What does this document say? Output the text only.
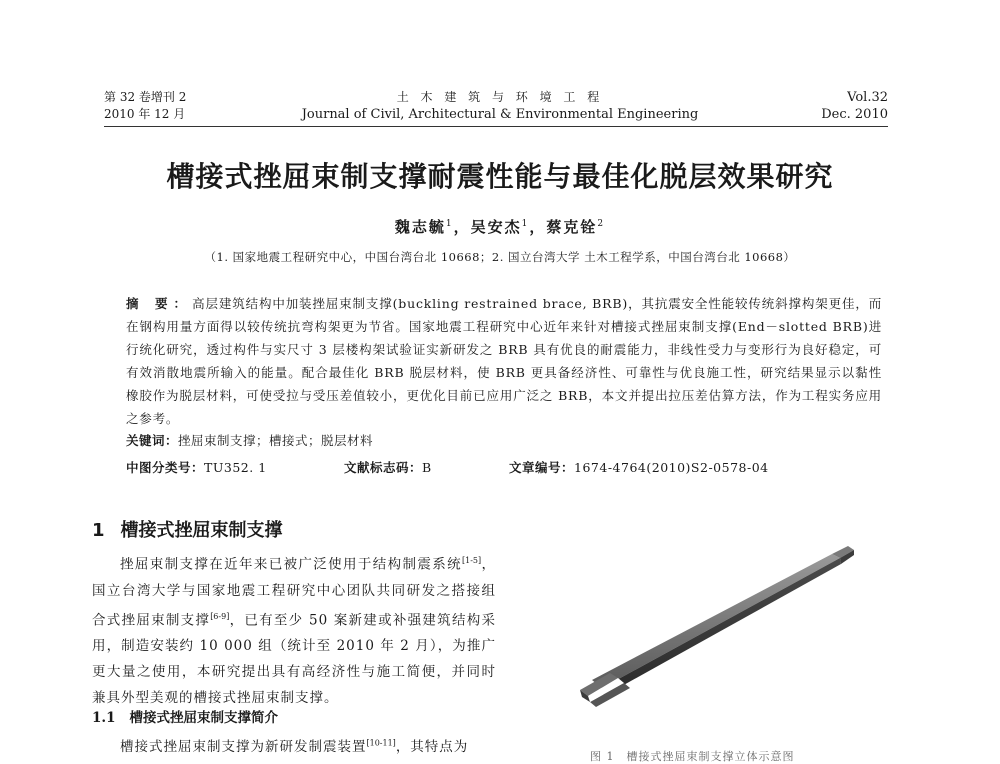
第 32 卷增刊 2
2010 年 12 月
土 木 建 筑 与 环 境 工 程
Journal of Civil, Architectural & Environmental Engineering
Vol.32
Dec. 2010
槽接式挫屈束制支撑耐震性能与最佳化脱层效果研究
魏志毓$^1$，吴安杰$^1$，蔡克铨$^2$
（1. 国家地震工程研究中心，中国台湾台北 10668；2. 国立台湾大学 土木工程学系，中国台湾台北 10668）
摘 要：高层建筑结构中加装挫屈束制支撑(buckling restrained brace, BRB)，其抗震安全性能较传统斜撑构架更佳，而在钢构用量方面得以较传统抗弯构架更为节省。国家地震工程研究中心近年来针对槽接式挫屈束制支撑(End－slotted BRB)进行统化研究，透过构件与实尺寸 3 层楼构架试验证实新研发之 BRB 具有优良的耐震能力，非线性受力与变形行为良好稳定，可有效消散地震所输入的能量。配合最佳化 BRB 脱层材料，使 BRB 更具备经济性、可靠性与优良施工性，研究结果显示以黏性橡胶作为脱层材料，可使受拉与受压差值较小，更优化目前已应用广泛之 BRB，本文并提出拉压差估算方法，作为工程实务应用之参考。
关键词：挫屈束制支撑；槽接式；脱层材料
中图分类号：TU352. 1	文献标志码：B	文章编号：1674-4764(2010)S2-0578-04
1 槽接式挫屈束制支撑
挫屈束制支撑在近年来已被广泛使用于结构制震系统[1-5]，国立台湾大学与国家地震工程研究中心团队共同研发之搭接组合式挫屈束制支撑[6-9]，已有至少 50 案新建或补强建筑结构采用，制造安装约 10 000 组（统计至 2010 年 2 月），为推广更大量之使用，本研究提出具有高经济性与施工简便，并同时兼具外型美观的槽接式挫屈束制支撑。
1.1 槽接式挫屈束制支撑简介
槽接式挫屈束制支撑为新研发制震装置[10-11]，其特点为
图 1　槽接式挫屈束制支撑立体示意图
